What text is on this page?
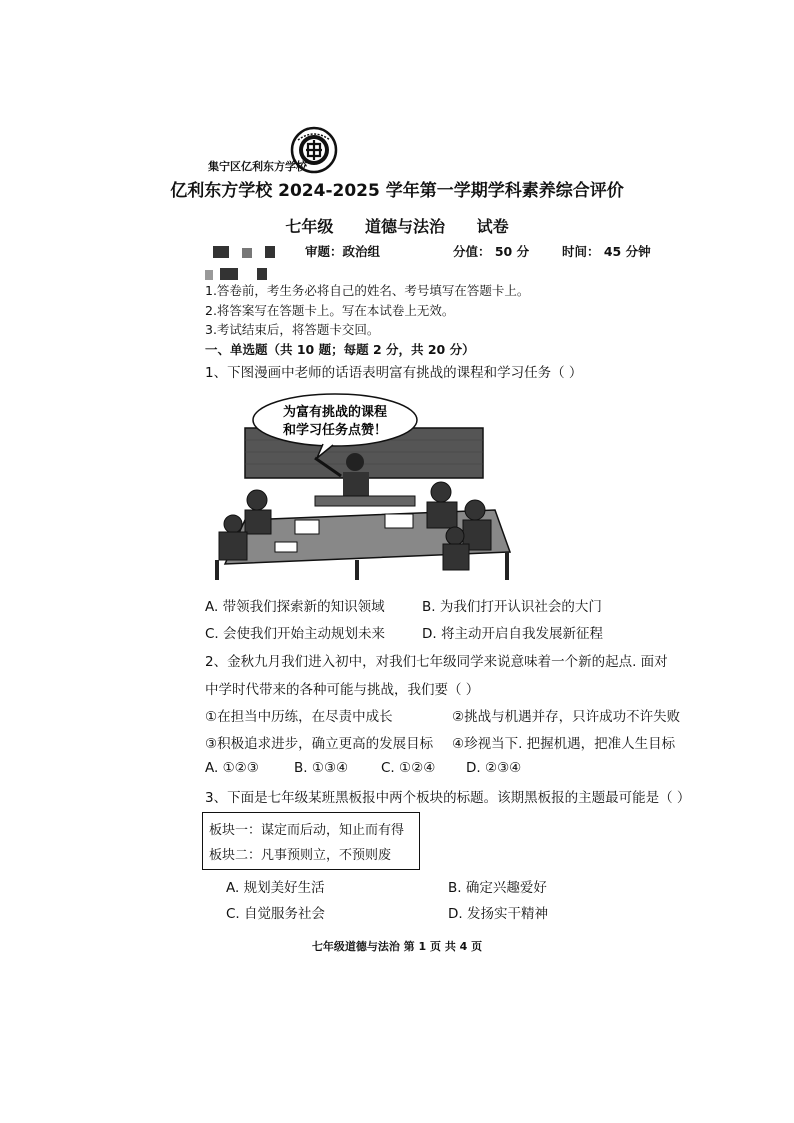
集宁区亿利东方学校
亿利东方学校 2024-2025 学年第一学期学科素养综合评价
七年级 道德与法治 试卷

审题：政治组	分值： 50 分	时间： 45 分钟
1.答卷前，考生务必将自己的姓名、考号填写在答题卡上。
2.将答案写在答题卡上。写在本试卷上无效。
3.考试结束后，将答题卡交回。
一、单选题（共 10 题；每题 2 分，共 20 分）
1、下图漫画中老师的话语表明富有挑战的课程和学习任务（ ）
为富有挑战的课程
和学习任务点赞！
A. 带领我们探索新的知识领域	B. 为我们打开认识社会的大门
C. 会使我们开始主动规划未来	D. 将主动开启自我发展新征程
2、金秋九月我们进入初中，对我们七年级同学来说意味着一个新的起点. 面对
中学时代带来的各种可能与挑战，我们要（ ）
①在担当中历练，在尽责中成长	②挑战与机遇并存，只许成功不许失败
③积极追求进步，确立更高的发展目标 ④珍视当下. 把握机遇，把准人生目标
A. ①②③	B. ①③④ C. ①②④ D. ②③④
3、下面是七年级某班黑板报中两个板块的标题。该期黑板报的主题最可能是（ ）
板块一：谋定而后动，知止而有得
板块二：凡事预则立，不预则废
A. 规划美好生活	B. 确定兴趣爱好
C. 自觉服务社会	D. 发扬实干精神
七年级道德与法治 第 1 页 共 4 页
